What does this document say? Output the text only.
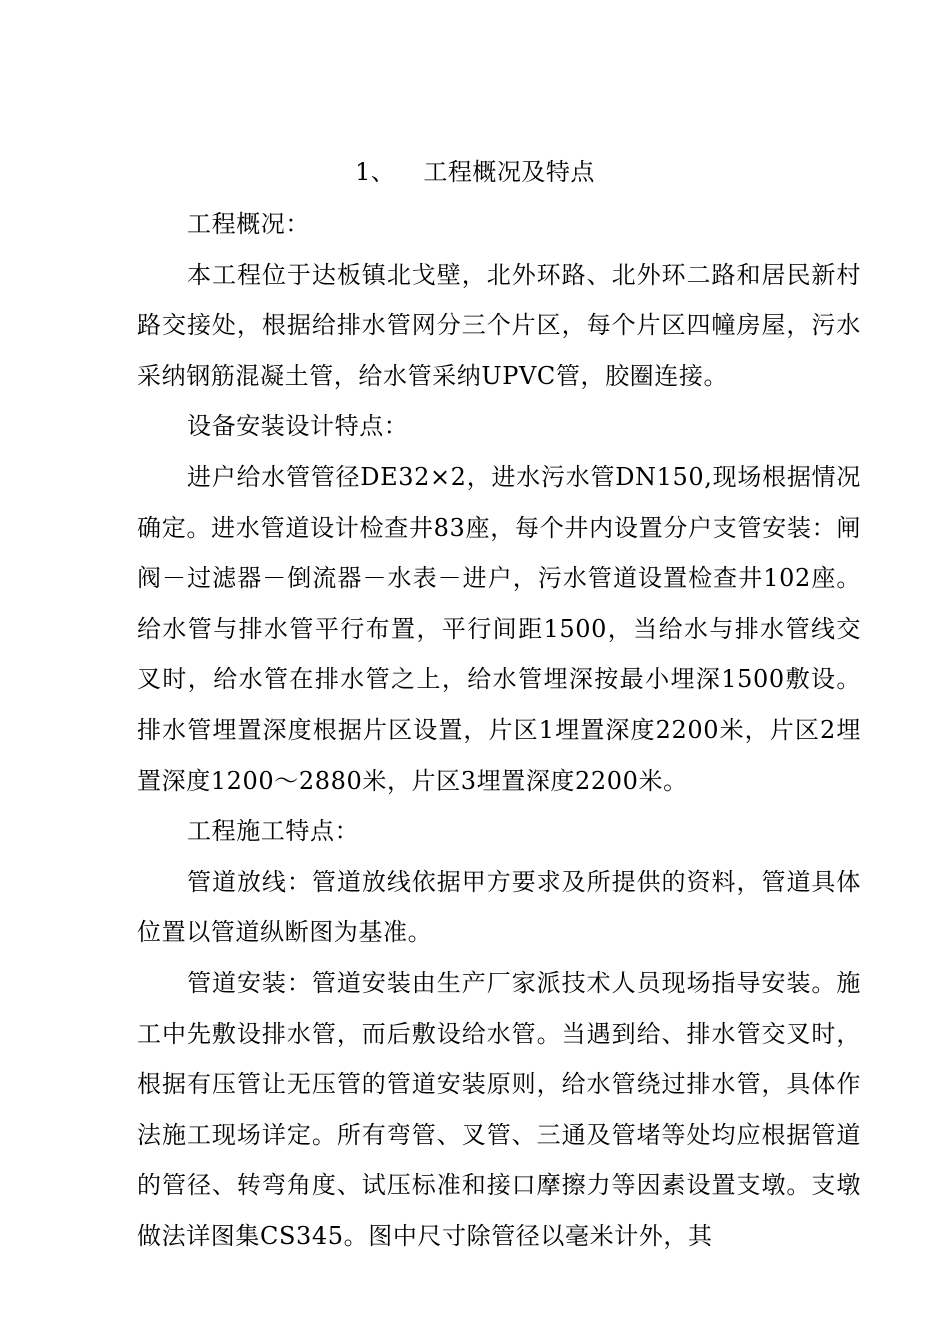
1、 工程概况及特点

工程概况：

本工程位于达板镇北戈壁，北外环路、北外环二路和居民新村路交接处，根据给排水管网分三个片区，每个片区四幢房屋，污水采纳钢筋混凝土管，给水管采纳UPVC管，胶圈连接。

设备安装设计特点：

进户给水管管径DE32×2，进水污水管DN150,现场根据情况确定。进水管道设计检查井83座，每个井内设置分户支管安装：闸阀－过滤器－倒流器－水表－进户，污水管道设置检查井102座。给水管与排水管平行布置，平行间距1500，当给水与排水管线交叉时，给水管在排水管之上，给水管埋深按最小埋深1500敷设。排水管埋置深度根据片区设置，片区1埋置深度2200米，片区2埋置深度1200～2880米，片区3埋置深度2200米。

工程施工特点：

管道放线：管道放线依据甲方要求及所提供的资料，管道具体位置以管道纵断图为基准。

管道安装：管道安装由生产厂家派技术人员现场指导安装。施工中先敷设排水管，而后敷设给水管。当遇到给、排水管交叉时，根据有压管让无压管的管道安装原则，给水管绕过排水管，具体作法施工现场详定。所有弯管、叉管、三通及管堵等处均应根据管道的管径、转弯角度、试压标准和接口摩擦力等因素设置支墩。支墩做法详图集CS345。图中尺寸除管径以毫米计外，其
